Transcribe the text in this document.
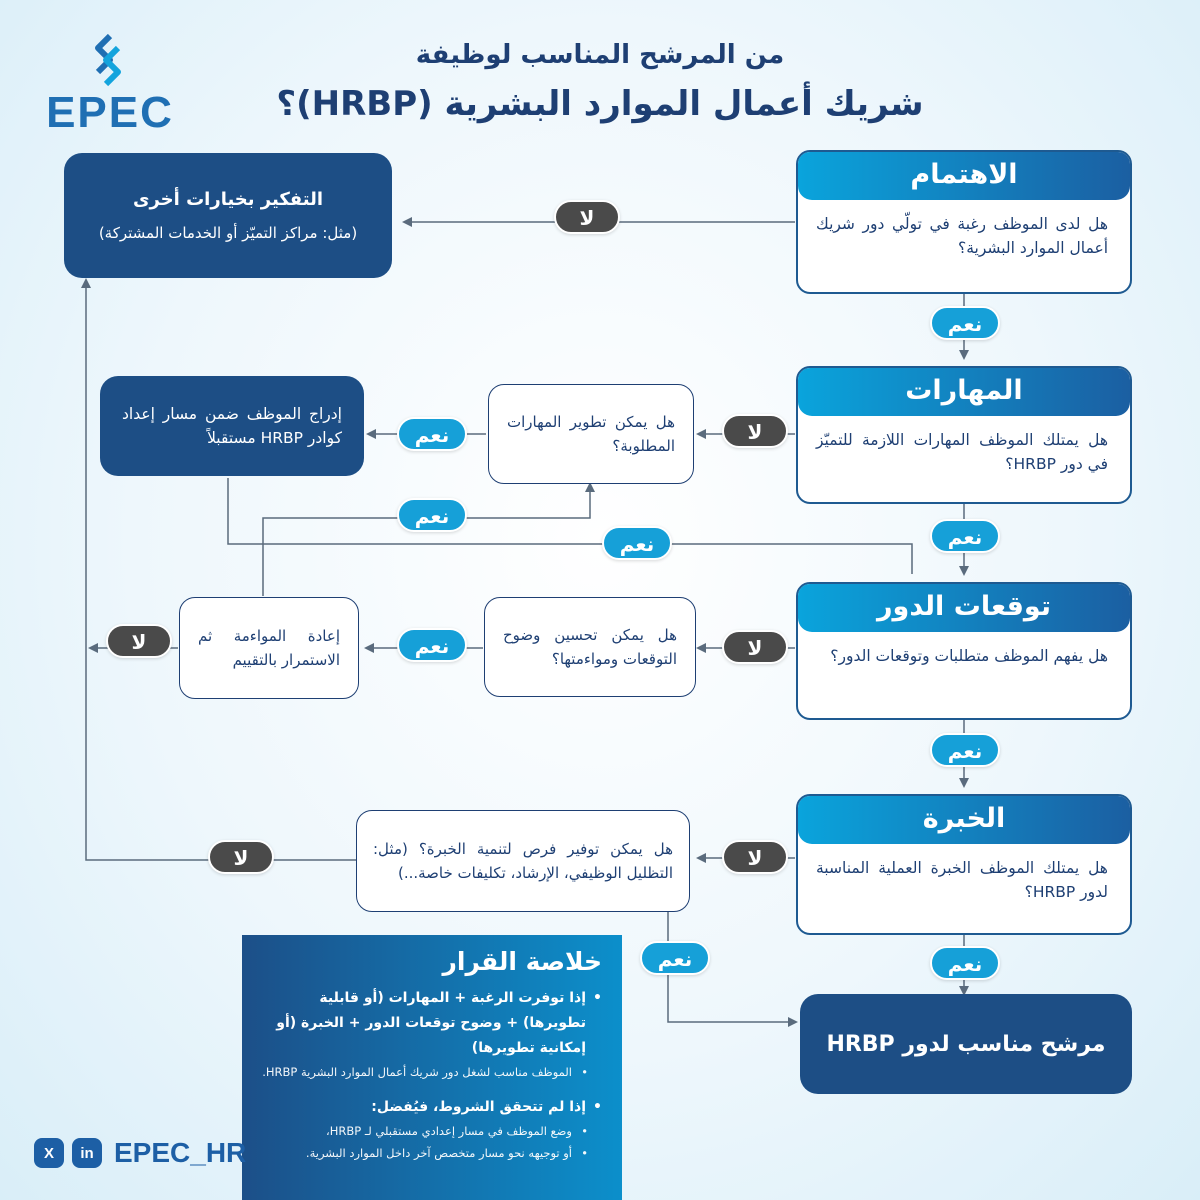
EPEC
من المرشح المناسب لوظيفة
شريك أعمال الموارد البشرية (HRBP)؟
التفكير بخيارات أخرى
(مثل: مراكز التميّز أو الخدمات المشتركة)
الاهتمام
هل لدى الموظف رغبة في تولّي دور شريك أعمال الموارد البشرية؟
المهارات
هل يمتلك الموظف المهارات اللازمة للتميّز في دور HRBP؟
توقعات الدور
هل يفهم الموظف متطلبات وتوقعات الدور؟
الخبرة
هل يمتلك الموظف الخبرة العملية المناسبة لدور HRBP؟
هل يمكن تطوير المهارات المطلوبة؟
إدراج الموظف ضمن مسار إعداد كوادر HRBP مستقبلاً
هل يمكن تحسين وضوح التوقعات ومواءمتها؟
إعادة المواءمة ثم الاستمرار بالتقييم
هل يمكن توفير فرص لتنمية الخبرة؟ (مثل: التظليل الوظيفي، الإرشاد، تكليفات خاصة...)
مرشح مناسب لدور HRBP
خلاصة القرار
• إذا توفرت الرغبة + المهارات (أو قابلية تطويرها) + وضوح توقعات الدور + الخبرة (أو إمكانية تطويرها)
• الموظف مناسب لشغل دور شريك أعمال الموارد البشرية HRBP.
• إذا لم تتحقق الشروط، فيُفضل:
• وضع الموظف في مسار إعدادي مستقبلي لـ HRBP،
• أو توجيهه نحو مسار متخصص آخر داخل الموارد البشرية.
نعم
نعم
نعم
نعم
نعم
نعم
نعم
نعم
نعم
لا
لا
لا
لا
لا
لا
X	in EPEC_HR
